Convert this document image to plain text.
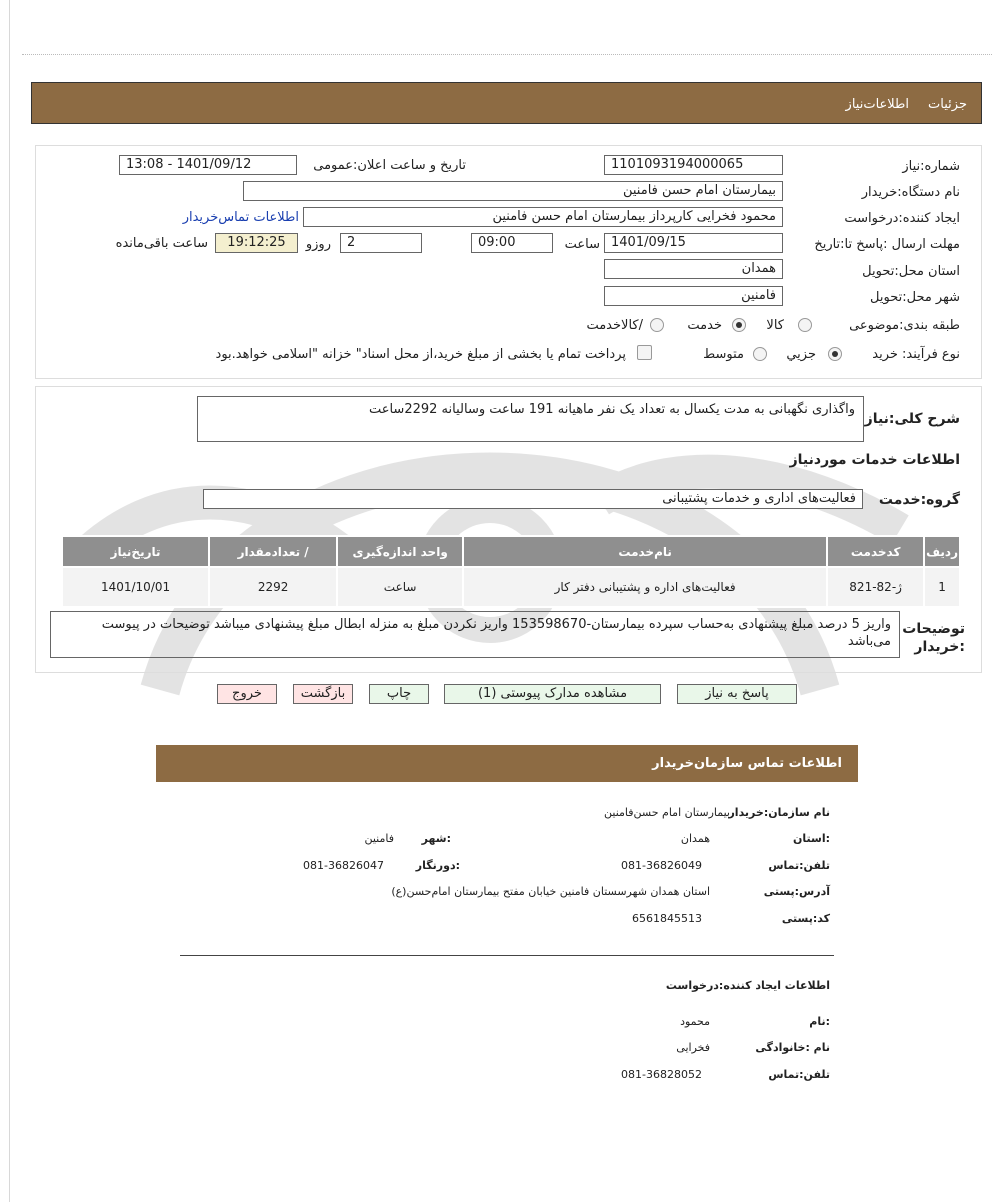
جزئیات
اطلاعات‌نیاز
شماره:نیاز
1101093194000065
تاریخ و ساعت اعلان:عمومی
1401/09/12 - 13:08
نام دستگاه:خریدار
بیمارستان امام حسن فامنین
ایجاد کننده:درخواست
محمود فخرایی کارپرداز بیمارستان امام حسن فامنین
اطلاعات تماس‌خریدار
مهلت ارسال :پاسخ تا:تاریخ
1401/09/15
ساعت
09:00
2
روزو
19:12:25
ساعت باقی‌مانده
استان محل:تحویل
همدان
شهر محل:تحویل
فامنین
طبقه بندی:موضوعی
کالا
خدمت
/کالاخدمت
نوع فرآیند: خرید
جزیي
متوسط
پرداخت تمام یا بخشی از مبلغ خرید،از محل اسناد" خزانه "اسلامی خواهد.بود
شرح کلی:نیاز
واگذاری نگهبانی به مدت یکسال به تعداد یک نفر ماهیانه 191 ساعت وسالیانه 2292ساعت
اطلاعات خدمات موردنیاز
گروه:خدمت
فعالیت‌های اداری و خدمات پشتیبانی
ردیف	کدخدمت	نام‌خدمت	واحد اندازه‌گیری	/ تعدادمقدار	تاریخ‌نیاز
1	ژ-82-821	فعالیت‌های اداره و پشتیبانی دفتر کار	ساعت	2292	1401/10/01
توضیحات :خریدار
واریز 5 درصد مبلغ پیشنهادی به‌حساب سپرده بیمارستان-153598670 واریز نکردن مبلغ به منزله ابطال مبلغ پیشنهادی میباشد توضیحات در پیوست می‌باشد
پاسخ به نیاز
مشاهده مدارک پیوستی (1)
چاپ
بازگشت
خروج
اطلاعات تماس سازمان‌خریدار
نام سازمان:خریدار
بیمارستان امام حسن‌فامنین
:استان
همدان
:شهر
فامنین
تلفن:تماس
081-36826049
:دورنگار
081-36826047
آدرس:پستی
استان همدان شهرسستان فامنین خیابان مفتح بیمارستان امام‌حسن(ع)
کد:پستی
6561845513
اطلاعات ایجاد کننده:درخواست
:نام
محمود
نام :خانوادگی
فخرایی
تلفن:تماس
081-36828052
